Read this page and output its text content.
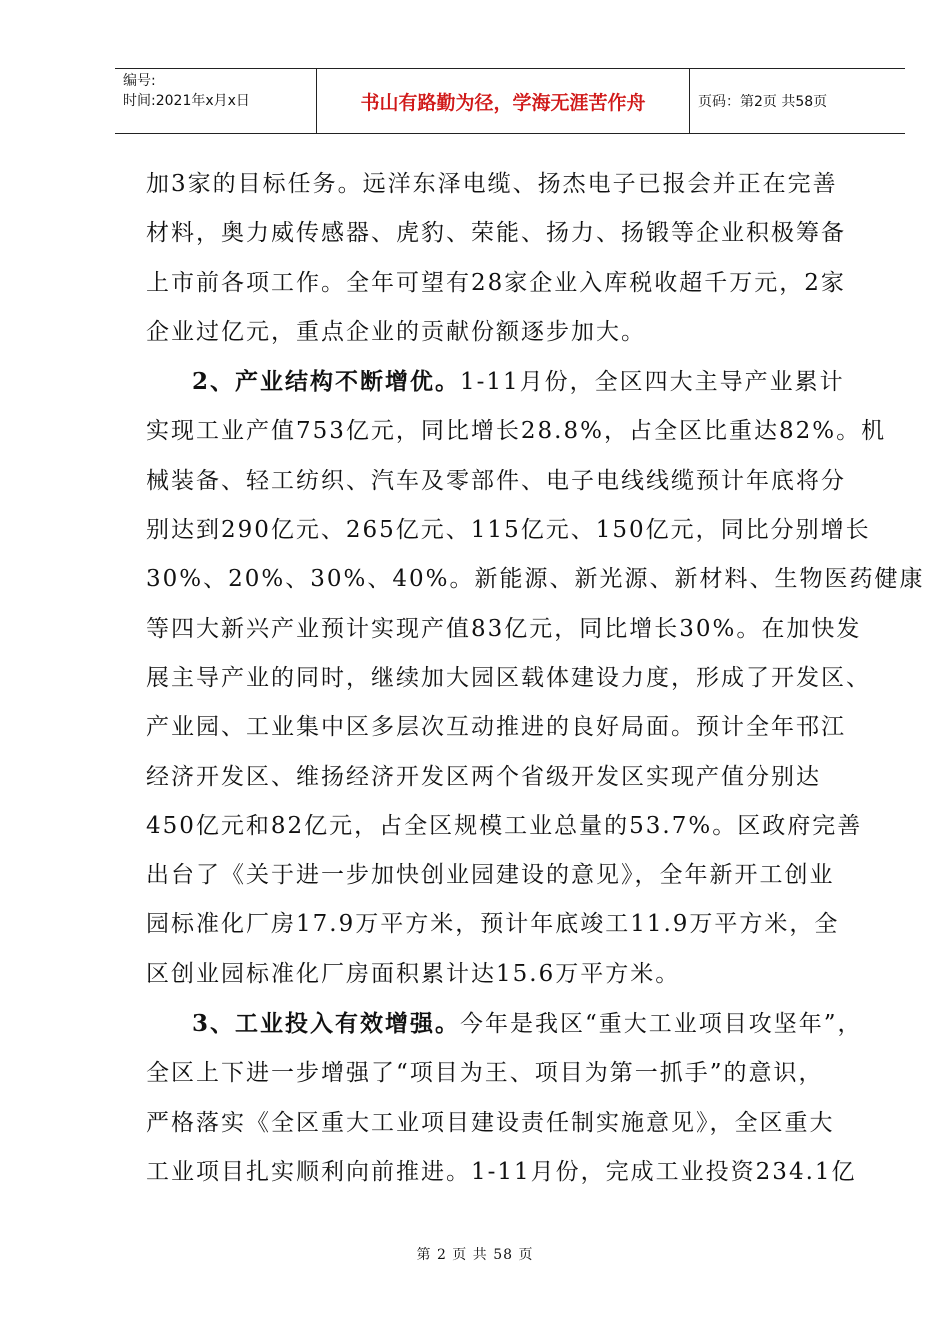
编号:
时间:2021年x月x日	书山有路勤为径，学海无涯苦作舟	页码：第2页 共58页

加3家的目标任务。远洋东泽电缆、扬杰电子已报会并正在完善

材料，奥力威传感器、虎豹、荣能、扬力、扬锻等企业积极筹备

上市前各项工作。全年可望有28家企业入库税收超千万元，2家

企业过亿元，重点企业的贡献份额逐步加大。

2、产业结构不断增优。1-11月份，全区四大主导产业累计

实现工业产值753亿元，同比增长28.8%，占全区比重达82%。机

械装备、轻工纺织、汽车及零部件、电子电线线缆预计年底将分

别达到290亿元、265亿元、115亿元、150亿元，同比分别增长

30%、20%、30%、40%。新能源、新光源、新材料、生物医药健康

等四大新兴产业预计实现产值83亿元，同比增长30%。在加快发

展主导产业的同时，继续加大园区载体建设力度，形成了开发区、

产业园、工业集中区多层次互动推进的良好局面。预计全年邗江

经济开发区、维扬经济开发区两个省级开发区实现产值分别达

450亿元和82亿元，占全区规模工业总量的53.7%。区政府完善

出台了《关于进一步加快创业园建设的意见》，全年新开工创业

园标准化厂房17.9万平方米，预计年底竣工11.9万平方米，全

区创业园标准化厂房面积累计达15.6万平方米。

3、工业投入有效增强。今年是我区“重大工业项目攻坚年”，

全区上下进一步增强了“项目为王、项目为第一抓手”的意识，

严格落实《全区重大工业项目建设责任制实施意见》，全区重大

工业项目扎实顺利向前推进。1-11月份，完成工业投资234.1亿

第 2 页 共 58 页
